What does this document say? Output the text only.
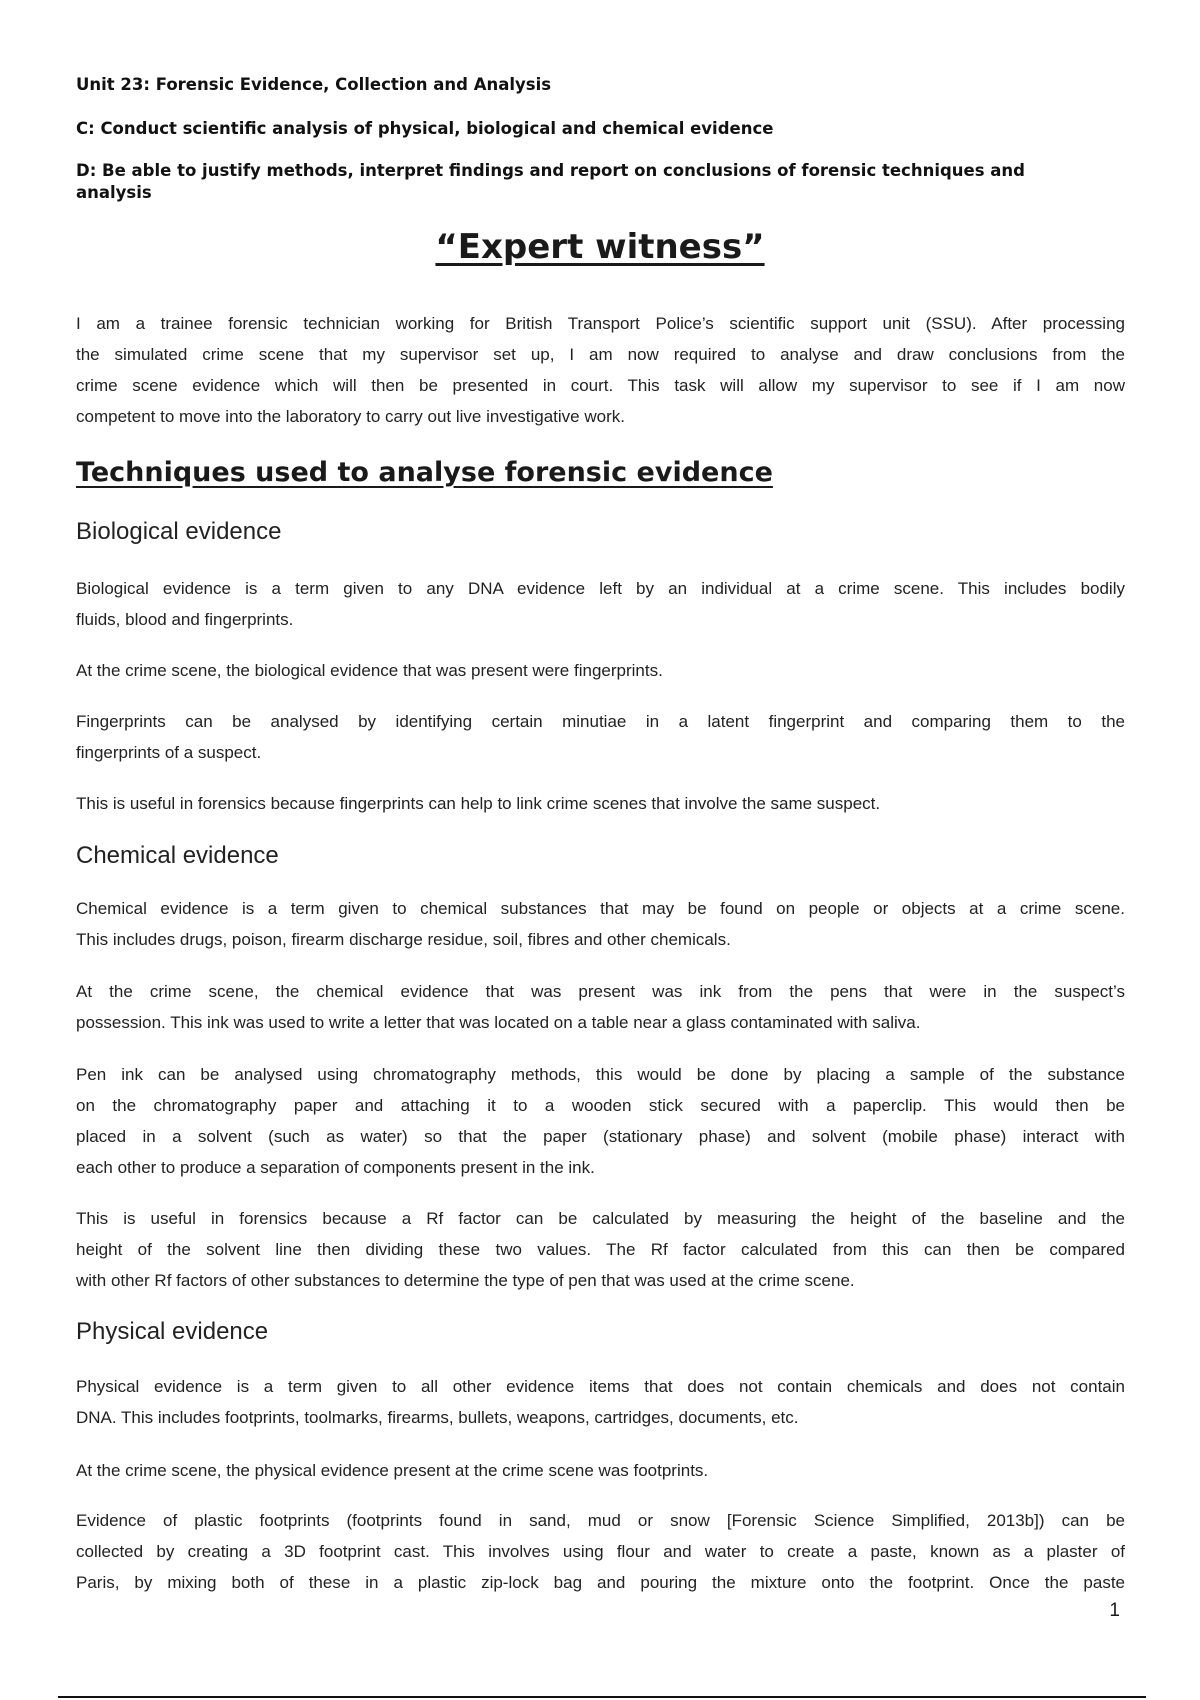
Unit 23: Forensic Evidence, Collection and Analysis
C: Conduct scientific analysis of physical, biological and chemical evidence
D: Be able to justify methods, interpret findings and report on conclusions of forensic techniques and
analysis
“Expert witness”
I am a trainee forensic technician working for British Transport Police’s scientific support unit (SSU). After processing
the simulated crime scene that my supervisor set up, I am now required to analyse and draw conclusions from the
crime scene evidence which will then be presented in court. This task will allow my supervisor to see if I am now
competent to move into the laboratory to carry out live investigative work.
Techniques used to analyse forensic evidence
Biological evidence
Biological evidence is a term given to any DNA evidence left by an individual at a crime scene. This includes bodily
fluids, blood and fingerprints.
At the crime scene, the biological evidence that was present were fingerprints.
Fingerprints can be analysed by identifying certain minutiae in a latent fingerprint and comparing them to the
fingerprints of a suspect.
This is useful in forensics because fingerprints can help to link crime scenes that involve the same suspect.
Chemical evidence
Chemical evidence is a term given to chemical substances that may be found on people or objects at a crime scene.
This includes drugs, poison, firearm discharge residue, soil, fibres and other chemicals.
At the crime scene, the chemical evidence that was present was ink from the pens that were in the suspect’s
possession. This ink was used to write a letter that was located on a table near a glass contaminated with saliva.
Pen ink can be analysed using chromatography methods, this would be done by placing a sample of the substance
on the chromatography paper and attaching it to a wooden stick secured with a paperclip. This would then be
placed in a solvent (such as water) so that the paper (stationary phase) and solvent (mobile phase) interact with
each other to produce a separation of components present in the ink.
This is useful in forensics because a Rf factor can be calculated by measuring the height of the baseline and the
height of the solvent line then dividing these two values. The Rf factor calculated from this can then be compared
with other Rf factors of other substances to determine the type of pen that was used at the crime scene.
Physical evidence
Physical evidence is a term given to all other evidence items that does not contain chemicals and does not contain
DNA. This includes footprints, toolmarks, firearms, bullets, weapons, cartridges, documents, etc.
At the crime scene, the physical evidence present at the crime scene was footprints.
Evidence of plastic footprints (footprints found in sand, mud or snow [Forensic Science Simplified, 2013b]) can be
collected by creating a 3D footprint cast. This involves using flour and water to create a paste, known as a plaster of
Paris, by mixing both of these in a plastic zip-lock bag and pouring the mixture onto the footprint. Once the paste
1
